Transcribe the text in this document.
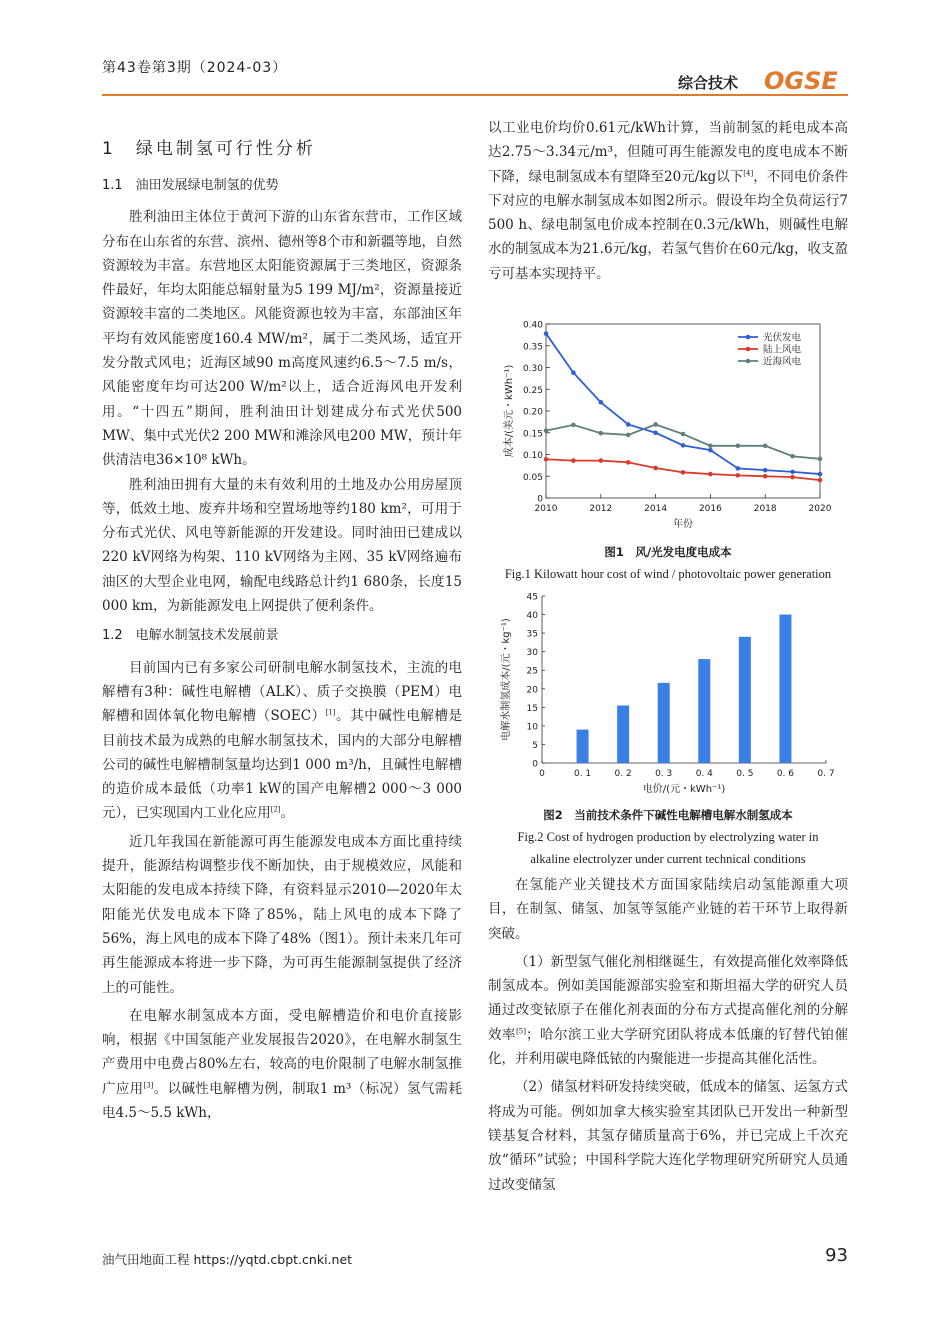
第43卷第3期（2024-03）
综合技术 OGSE
1　绿电制氢可行性分析

1.1　油田发展绿电制氢的优势

胜利油田主体位于黄河下游的山东省东营市，工作区域分布在山东省的东营、滨州、德州等8个市和新疆等地，自然资源较为丰富。东营地区太阳能资源属于三类地区，资源条件最好，年均太阳能总辐射量为5 199 MJ/m²，资源量接近资源较丰富的二类地区。风能资源也较为丰富，东部油区年平均有效风能密度160.4 MW/m²，属于二类风场，适宜开发分散式风电；近海区域90 m高度风速约6.5～7.5 m/s，风能密度年均可达200 W/m²以上，适合近海风电开发利用。“十四五”期间，胜利油田计划建成分布式光伏500 MW、集中式光伏2 200 MW和滩涂风电200 MW，预计年供清洁电36×10⁸ kWh。

胜利油田拥有大量的未有效利用的土地及办公用房屋顶等，低效土地、废弃井场和空置场地等约180 km²，可用于分布式光伏、风电等新能源的开发建设。同时油田已建成以220 kV网络为构架、110 kV网络为主网、35 kV网络遍布油区的大型企业电网，输配电线路总计约1 680条，长度15 000 km，为新能源发电上网提供了便利条件。

1.2　电解水制氢技术发展前景

目前国内已有多家公司研制电解水制氢技术，主流的电解槽有3种：碱性电解槽（ALK）、质子交换膜（PEM）电解槽和固体氧化物电解槽（SOEC）[1]。其中碱性电解槽是目前技术最为成熟的电解水制氢技术，国内的大部分电解槽公司的碱性电解槽制氢量均达到1 000 m³/h，且碱性电解槽的造价成本最低（功率1 kW的国产电解槽2 000～3 000元），已实现国内工业化应用[2]。

近几年我国在新能源可再生能源发电成本方面比重持续提升，能源结构调整步伐不断加快，由于规模效应，风能和太阳能的发电成本持续下降，有资料显示2010—2020年太阳能光伏发电成本下降了85%，陆上风电的成本下降了56%，海上风电的成本下降了48%（图1）。预计未来几年可再生能源成本将进一步下降，为可再生能源制氢提供了经济上的可能性。

在电解水制氢成本方面，受电解槽造价和电价直接影响，根据《中国氢能产业发展报告2020》，在电解水制氢生产费用中电费占80%左右，较高的电价限制了电解水制氢推广应用[3]。以碱性电解槽为例，制取1 m³（标况）氢气需耗电4.5～5.5 kWh，

以工业电价均价0.61元/kWh计算，当前制氢的耗电成本高达2.75～3.34元/m³，但随可再生能源发电的度电成本不断下降，绿电制氢成本有望降至20元/kg以下[4]，不同电价条件下对应的电解水制氢成本如图2所示。假设年均全负荷运行7 500 h、绿电制氢电价成本控制在0.3元/kWh，则碱性电解水的制氢成本为21.6元/kg，若氢气售价在60元/kg，收支盈亏可基本实现持平。

0
0.05
0.10
0.15
0.20
0.25
0.30
0.35
0.40
2010	2012	2014	2016	2018	2020
年份
成本/(美元・kWh⁻¹)
光伏发电
陆上风电
近海风电
图1　风/光发电度电成本
Fig.1 Kilowatt hour cost of wind / photovoltaic power generation
0
5
10
15
20
25
30
35
40
45
0	0. 1	0. 2	0. 3	0. 4	0. 5	0. 6	0. 7
电价/(元・kWh⁻¹)
电解水制氢成本/(元・kg⁻¹)
图2　当前技术条件下碱性电解槽电解水制氢成本
Fig.2 Cost of hydrogen production by electrolyzing water in
alkaline electrolyzer under current technical conditions

在氢能产业关键技术方面国家陆续启动氢能源重大项目，在制氢、储氢、加氢等氢能产业链的若干环节上取得新突破。

（1）新型氢气催化剂相继诞生，有效提高催化效率降低制氢成本。例如美国能源部实验室和斯坦福大学的研究人员通过改变铱原子在催化剂表面的分布方式提高催化剂的分解效率[5]；哈尔滨工业大学研究团队将成本低廉的钌替代铂催化，并利用碳电降低铱的内聚能进一步提高其催化活性。

（2）储氢材料研发持续突破，低成本的储氢、运氢方式将成为可能。例如加拿大核实验室其团队已开发出一种新型镁基复合材料，其氢存储质量高于6%，并已完成上千次充放“循环”试验；中国科学院大连化学物理研究所研究人员通过改变储氢

油气田地面工程 https://yqtd.cbpt.cnki.net	93
